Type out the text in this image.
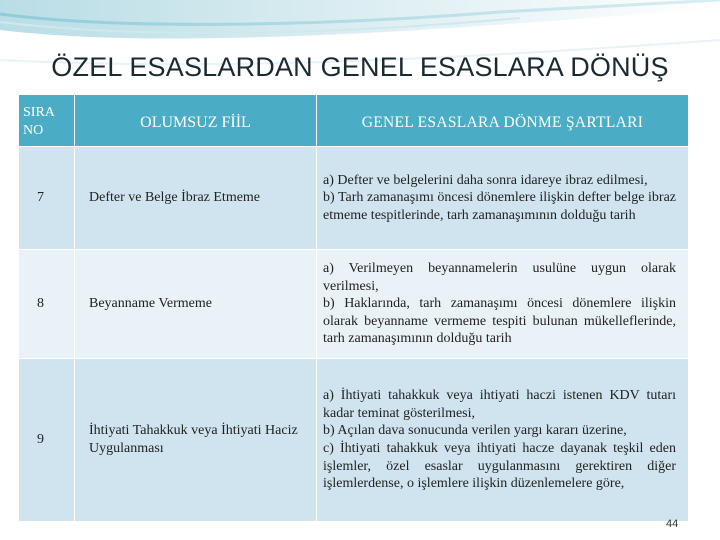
ÖZEL ESASLARDAN GENEL ESASLARA DÖNÜŞ
SIRA NO	OLUMSUZ FİİL	GENEL ESASLARA DÖNME ŞARTLARI
7	Defter ve Belge İbraz Etmeme	a) Defter ve belgelerini daha sonra idareye ibraz edilmesi,
b) Tarh zamanaşımı öncesi dönemlere ilişkin defter belge ibraz etmeme tespitlerinde, tarh zamanaşımının dolduğu tarih

8	Beyanname Vermeme	a) Verilmeyen beyannamelerin usulüne uygun olarak verilmesi,
b) Haklarında, tarh zamanaşımı öncesi dönemlere ilişkin olarak beyanname vermeme tespiti bulunan mükelleflerinde, tarh zamanaşımının dolduğu tarih

9	İhtiyati Tahakkuk veya İhtiyati Haciz Uygulanması	a) İhtiyati tahakkuk veya ihtiyati haczi istenen KDV tutarı kadar teminat gösterilmesi,
b) Açılan dava sonucunda verilen yargı kararı üzerine,
c) İhtiyati tahakkuk veya ihtiyati hacze dayanak teşkil eden işlemler, özel esaslar uygulanmasını gerektiren diğer işlemlerdense, o işlemlere ilişkin düzenlemelere göre,
44
